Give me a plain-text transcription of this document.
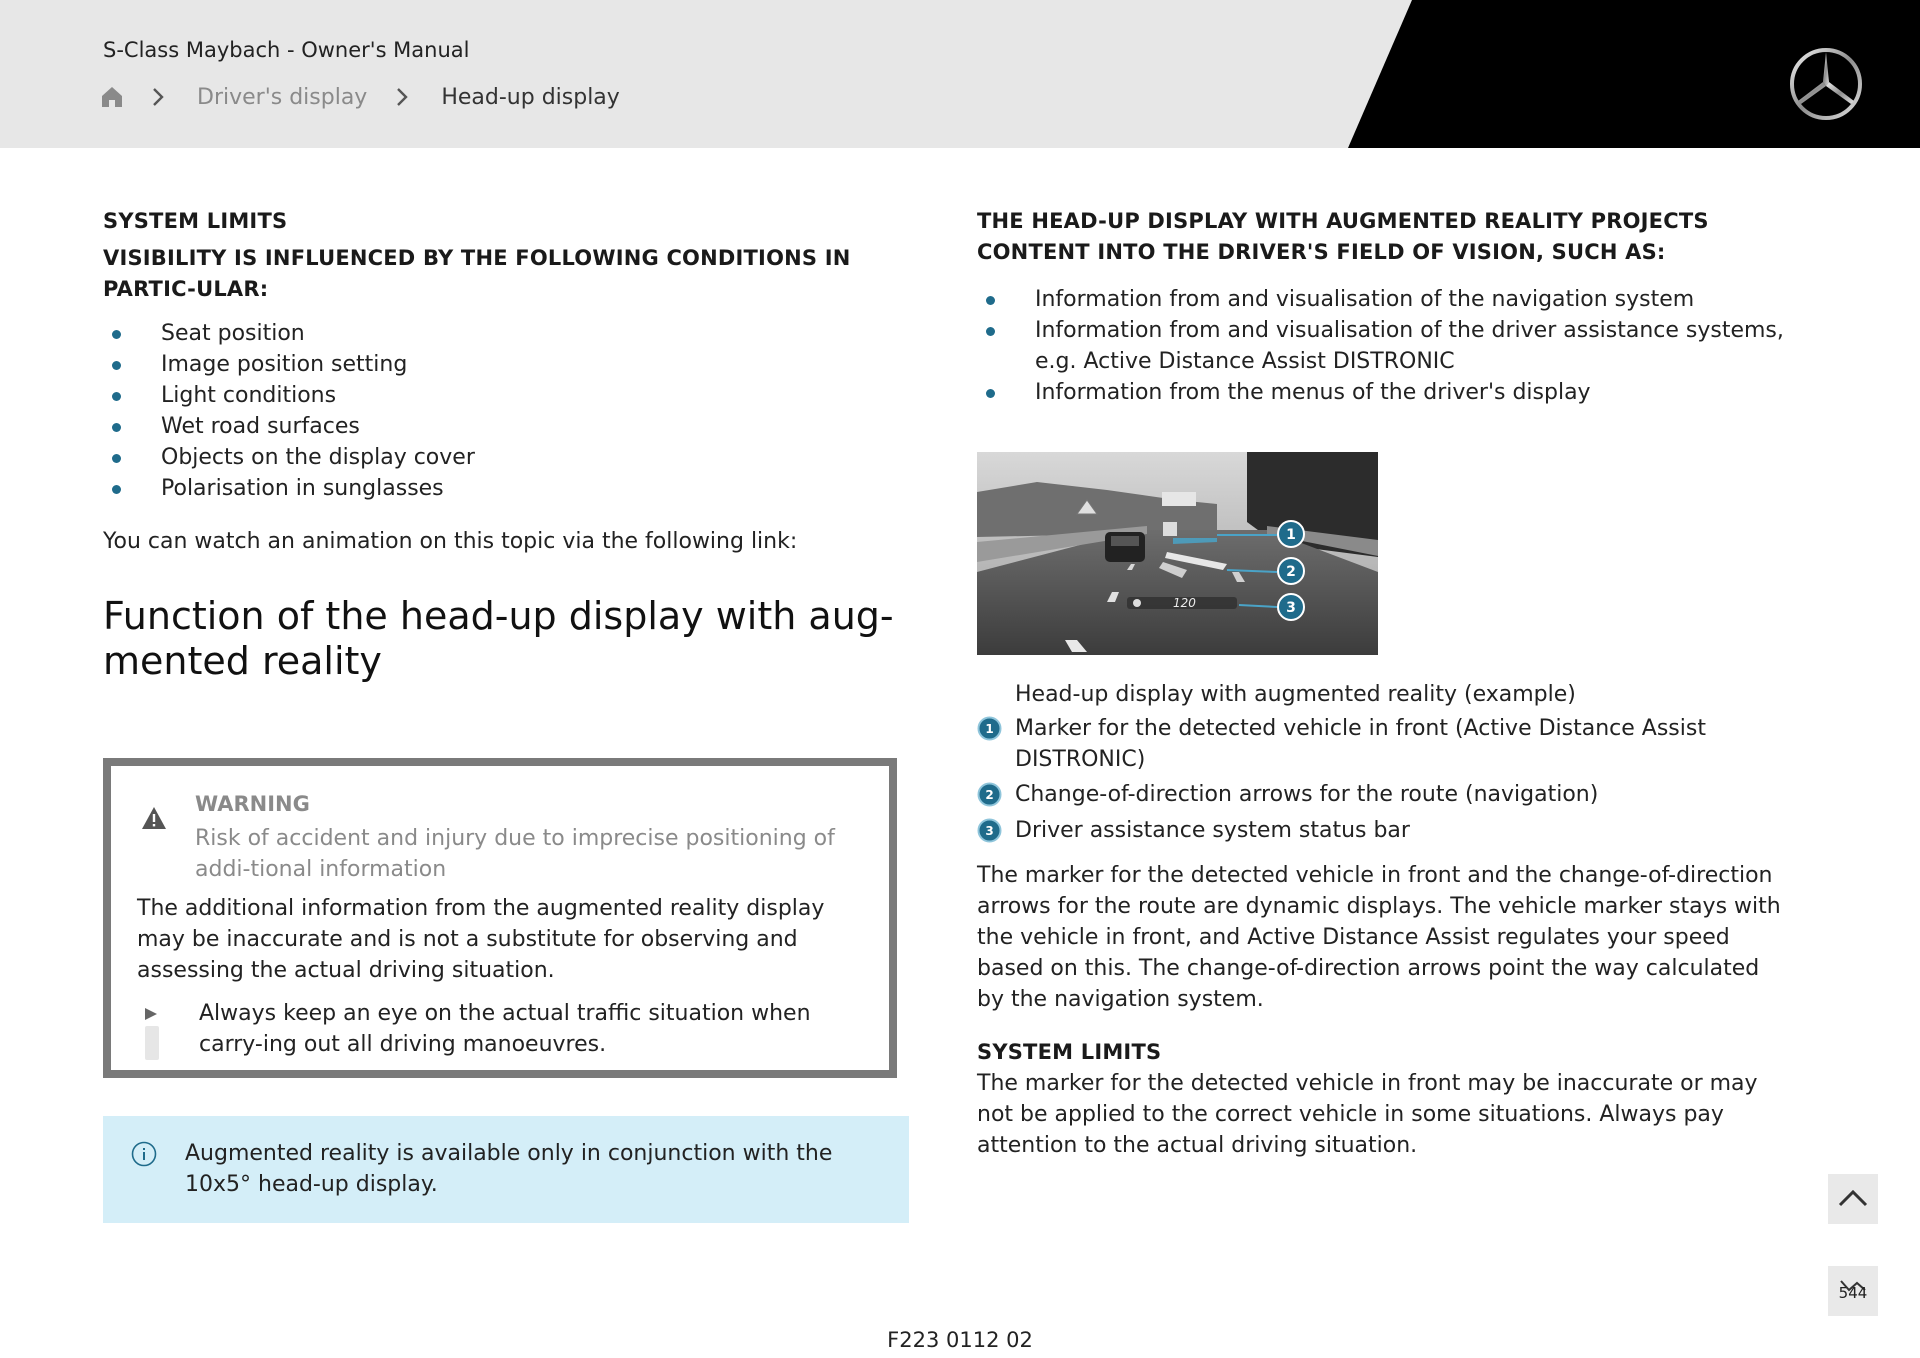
S-Class Maybach - Owner's Manual
Driver's display	Head-up display
SYSTEM LIMITS
VISIBILITY IS INFLUENCED BY THE FOLLOWING CONDITIONS IN PARTIC-ULAR:
Seat position
Image position setting
Light conditions
Wet road surfaces
Objects on the display cover
Polarisation in sunglasses

You can watch an animation on this topic via the following link:

Function of the head-up display with aug-mented reality
WARNING
Risk of accident and injury due to imprecise positioning of addi-tional information
The additional information from the augmented reality display may be inaccurate and is not a substitute for observing and assessing the actual driving situation.
Always keep an eye on the actual traffic situation when carry-ing out all driving manoeuvres.
Augmented reality is available only in conjunction with the 10x5° head-up display.
THE HEAD-UP DISPLAY WITH AUGMENTED REALITY PROJECTS CONTENT INTO THE DRIVER'S FIELD OF VISION, SUCH AS:
Information from and visualisation of the navigation system
Information from and visualisation of the driver assistance systems, e.g. Active Distance Assist DISTRONIC
Information from the menus of the driver's display
120
1
2
3
Head-up display with augmented reality (example)
1 Marker for the detected vehicle in front (Active Distance Assist DISTRONIC)
2 Change-of-direction arrows for the route (navigation)
3 Driver assistance system status bar

The marker for the detected vehicle in front and the change-of-direction arrows for the route are dynamic displays. The vehicle marker stays with the vehicle in front, and Active Distance Assist regulates your speed based on this. The change-of-direction arrows point the way calculated by the navigation system.

SYSTEM LIMITS

The marker for the detected vehicle in front may be inaccurate or may not be applied to the correct vehicle in some situations. Always pay attention to the actual driving situation.

544
F223 0112 02
